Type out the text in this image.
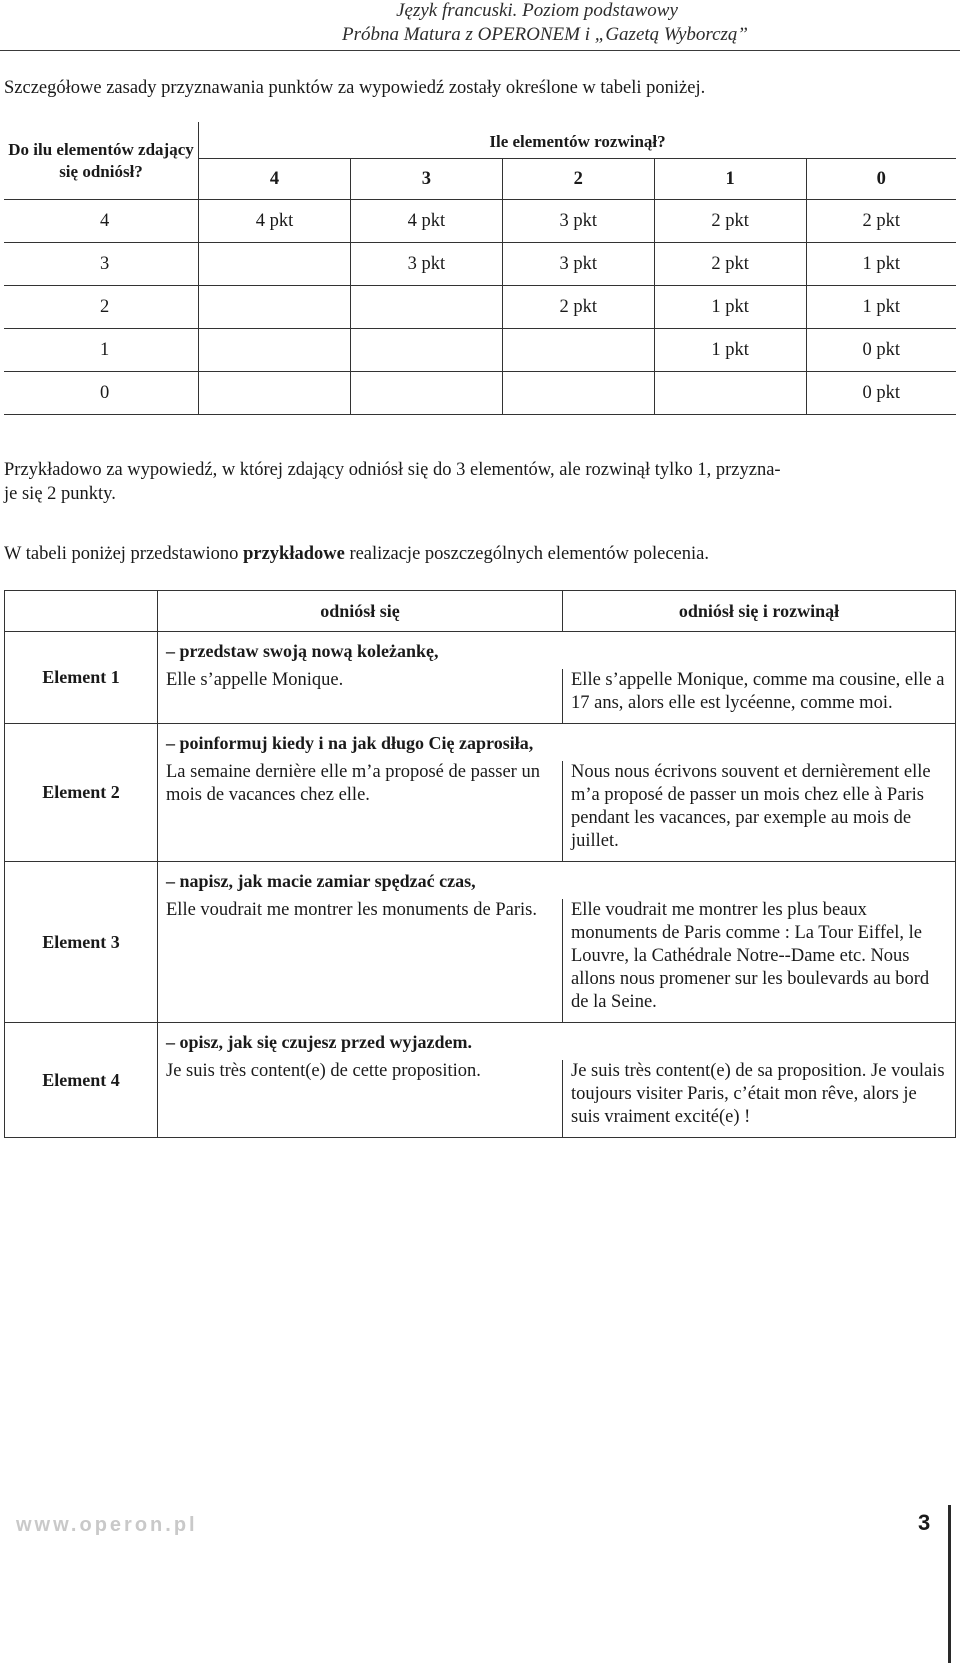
Język francuski. Poziom podstawowy
Próbna Matura z OPERONEM i „Gazetą Wyborczą”
Szczegółowe zasady przyznawania punktów za wypowiedź zostały określone w tabeli poniżej.
Do ilu elementów zdający się odniósł?	Ile elementów rozwinął?				
	4	3	2	1	0
4	4 pkt	4 pkt	3 pkt	2 pkt	2 pkt
3		3 pkt	3 pkt	2 pkt	1 pkt
2			2 pkt	1 pkt	1 pkt
1				1 pkt	0 pkt
0					0 pkt
Przykładowo za wypowiedź, w której zdający odniósł się do 3 elementów, ale rozwinął tylko 1, przyzna-
je się 2 punkty.
W tabeli poniżej przedstawiono przykładowe realizacje poszczególnych elementów polecenia.
	odniósł się	odniósł się i rozwinął
Element 1	– przedstaw swoją nową koleżankę,	
	Elle s’appelle Monique.	Elle s’appelle Monique, comme ma cousine, elle a 17 ans, alors elle est lycéenne, comme moi.
Element 2	– poinformuj kiedy i na jak długo Cię zaprosiła,	
	La semaine dernière elle m’a proposé de passer un mois de vacances chez elle.	Nous nous écrivons souvent et dernièrement elle m’a proposé de passer un mois chez elle à Paris pendant les vacances, par exemple au mois de juillet.
Element 3	– napisz, jak macie zamiar spędzać czas,	
	Elle voudrait me montrer les monuments de Paris.	Elle voudrait me montrer les plus beaux monuments de Paris comme : La Tour Eiffel, le Louvre, la Cathédrale Notre--Dame etc. Nous allons nous promener sur les boulevards au bord de la Seine.
Element 4	– opisz, jak się czujesz przed wyjazdem.	
	Je suis très content(e) de cette proposition.	Je suis très content(e) de sa proposition. Je voulais toujours visiter Paris, c’était mon rêve, alors je suis vraiment excité(e) !
www.operon.pl	3
